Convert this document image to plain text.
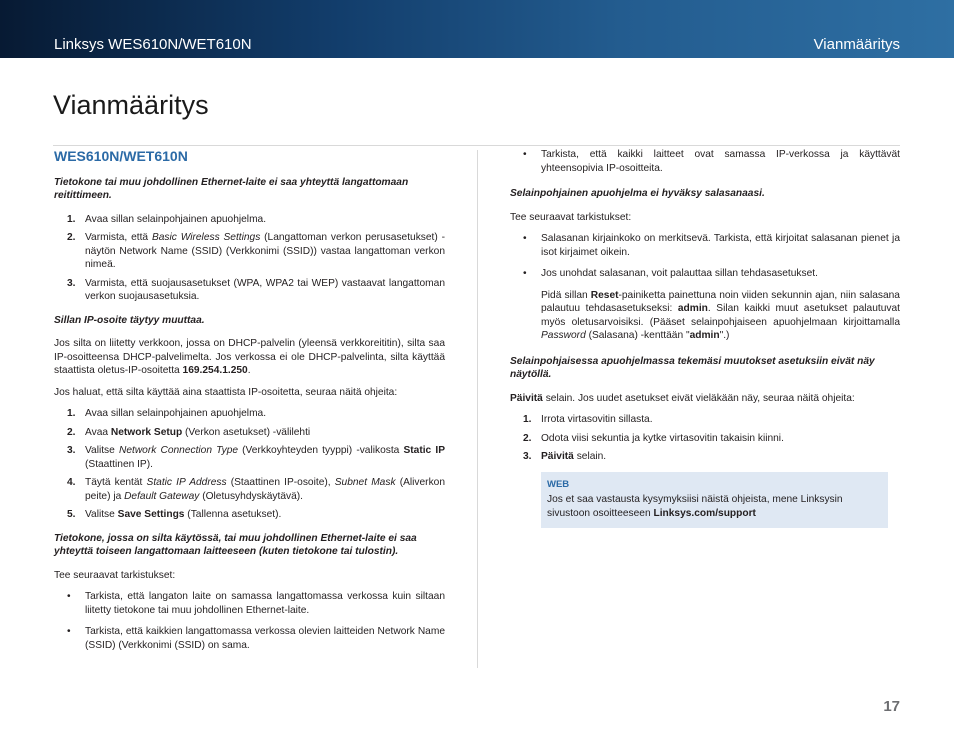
Linksys WES610N/WET610N	Vianmääritys
Vianmääritys
WES610N/WET610N
Tietokone tai muu johdollinen Ethernet-laite ei saa yhteyttä langattomaan reitittimeen.
1. Avaa sillan selainpohjainen apuohjelma.
2. Varmista, että Basic Wireless Settings (Langattoman verkon perusasetukset) -näytön Network Name (SSID) (Verkkonimi (SSID)) vastaa langattoman verkon nimeä.
3. Varmista, että suojausasetukset (WPA, WPA2 tai WEP) vastaavat langattoman verkon suojausasetuksia.
Sillan IP-osoite täytyy muuttaa.

Jos silta on liitetty verkkoon, jossa on DHCP-palvelin (yleensä verkkoreititin), silta saa IP-osoitteensa DHCP-palvelimelta. Jos verkossa ei ole DHCP-palvelinta, silta käyttää staattista oletus-IP-osoitetta 169.254.1.250.

Jos haluat, että silta käyttää aina staattista IP-osoitetta, seuraa näitä ohjeita:

1. Avaa sillan selainpohjainen apuohjelma.
2. Avaa Network Setup (Verkon asetukset) -välilehti
3. Valitse Network Connection Type (Verkkoyhteyden tyyppi) -valikosta Static IP (Staattinen IP).
4. Täytä kentät Static IP Address (Staattinen IP-osoite), Subnet Mask (Aliverkon peite) ja Default Gateway (Oletusyhdyskäytävä).
5. Valitse Save Settings (Tallenna asetukset).
Tietokone, jossa on silta käytössä, tai muu johdollinen Ethernet-laite ei saa yhteyttä toiseen langattomaan laitteeseen (kuten tietokone tai tulostin).

Tee seuraavat tarkistukset:

• Tarkista, että langaton laite on samassa langattomassa verkossa kuin siltaan liitetty tietokone tai muu johdollinen Ethernet-laite.
• Tarkista, että kaikkien langattomassa verkossa olevien laitteiden Network Name (SSID) (Verkkonimi (SSID) on sama.
• Tarkista, että kaikki laitteet ovat samassa IP-verkossa ja käyttävät yhteensopivia IP-osoitteita.
Selainpohjainen apuohjelma ei hyväksy salasanaasi.

Tee seuraavat tarkistukset:

• Salasanan kirjainkoko on merkitsevä. Tarkista, että kirjoitat salasanan pienet ja isot kirjaimet oikein.
• Jos unohdat salasanan, voit palauttaa sillan tehdasasetukset.
Pidä sillan Reset-painiketta painettuna noin viiden sekunnin ajan, niin salasana palautuu tehdasasetukseksi: admin. Silan kaikki muut asetukset palautuvat myös oletusarvoisiksi. (Pääset selainpohjaiseen apuohjelmaan kirjoittamalla Password (Salasana) -kenttään "admin".)
Selainpohjaisessa apuohjelmassa tekemäsi muutokset asetuksiin eivät näy näytöllä.

Päivitä selain. Jos uudet asetukset eivät vieläkään näy, seuraa näitä ohjeita:

1. Irrota virtasovitin sillasta.
2. Odota viisi sekuntia ja kytke virtasovitin takaisin kiinni.
3. Päivitä selain.
WEB
Jos et saa vastausta kysymyksiisi näistä ohjeista, mene Linksysin sivustoon osoitteeseen Linksys.com/support
17
